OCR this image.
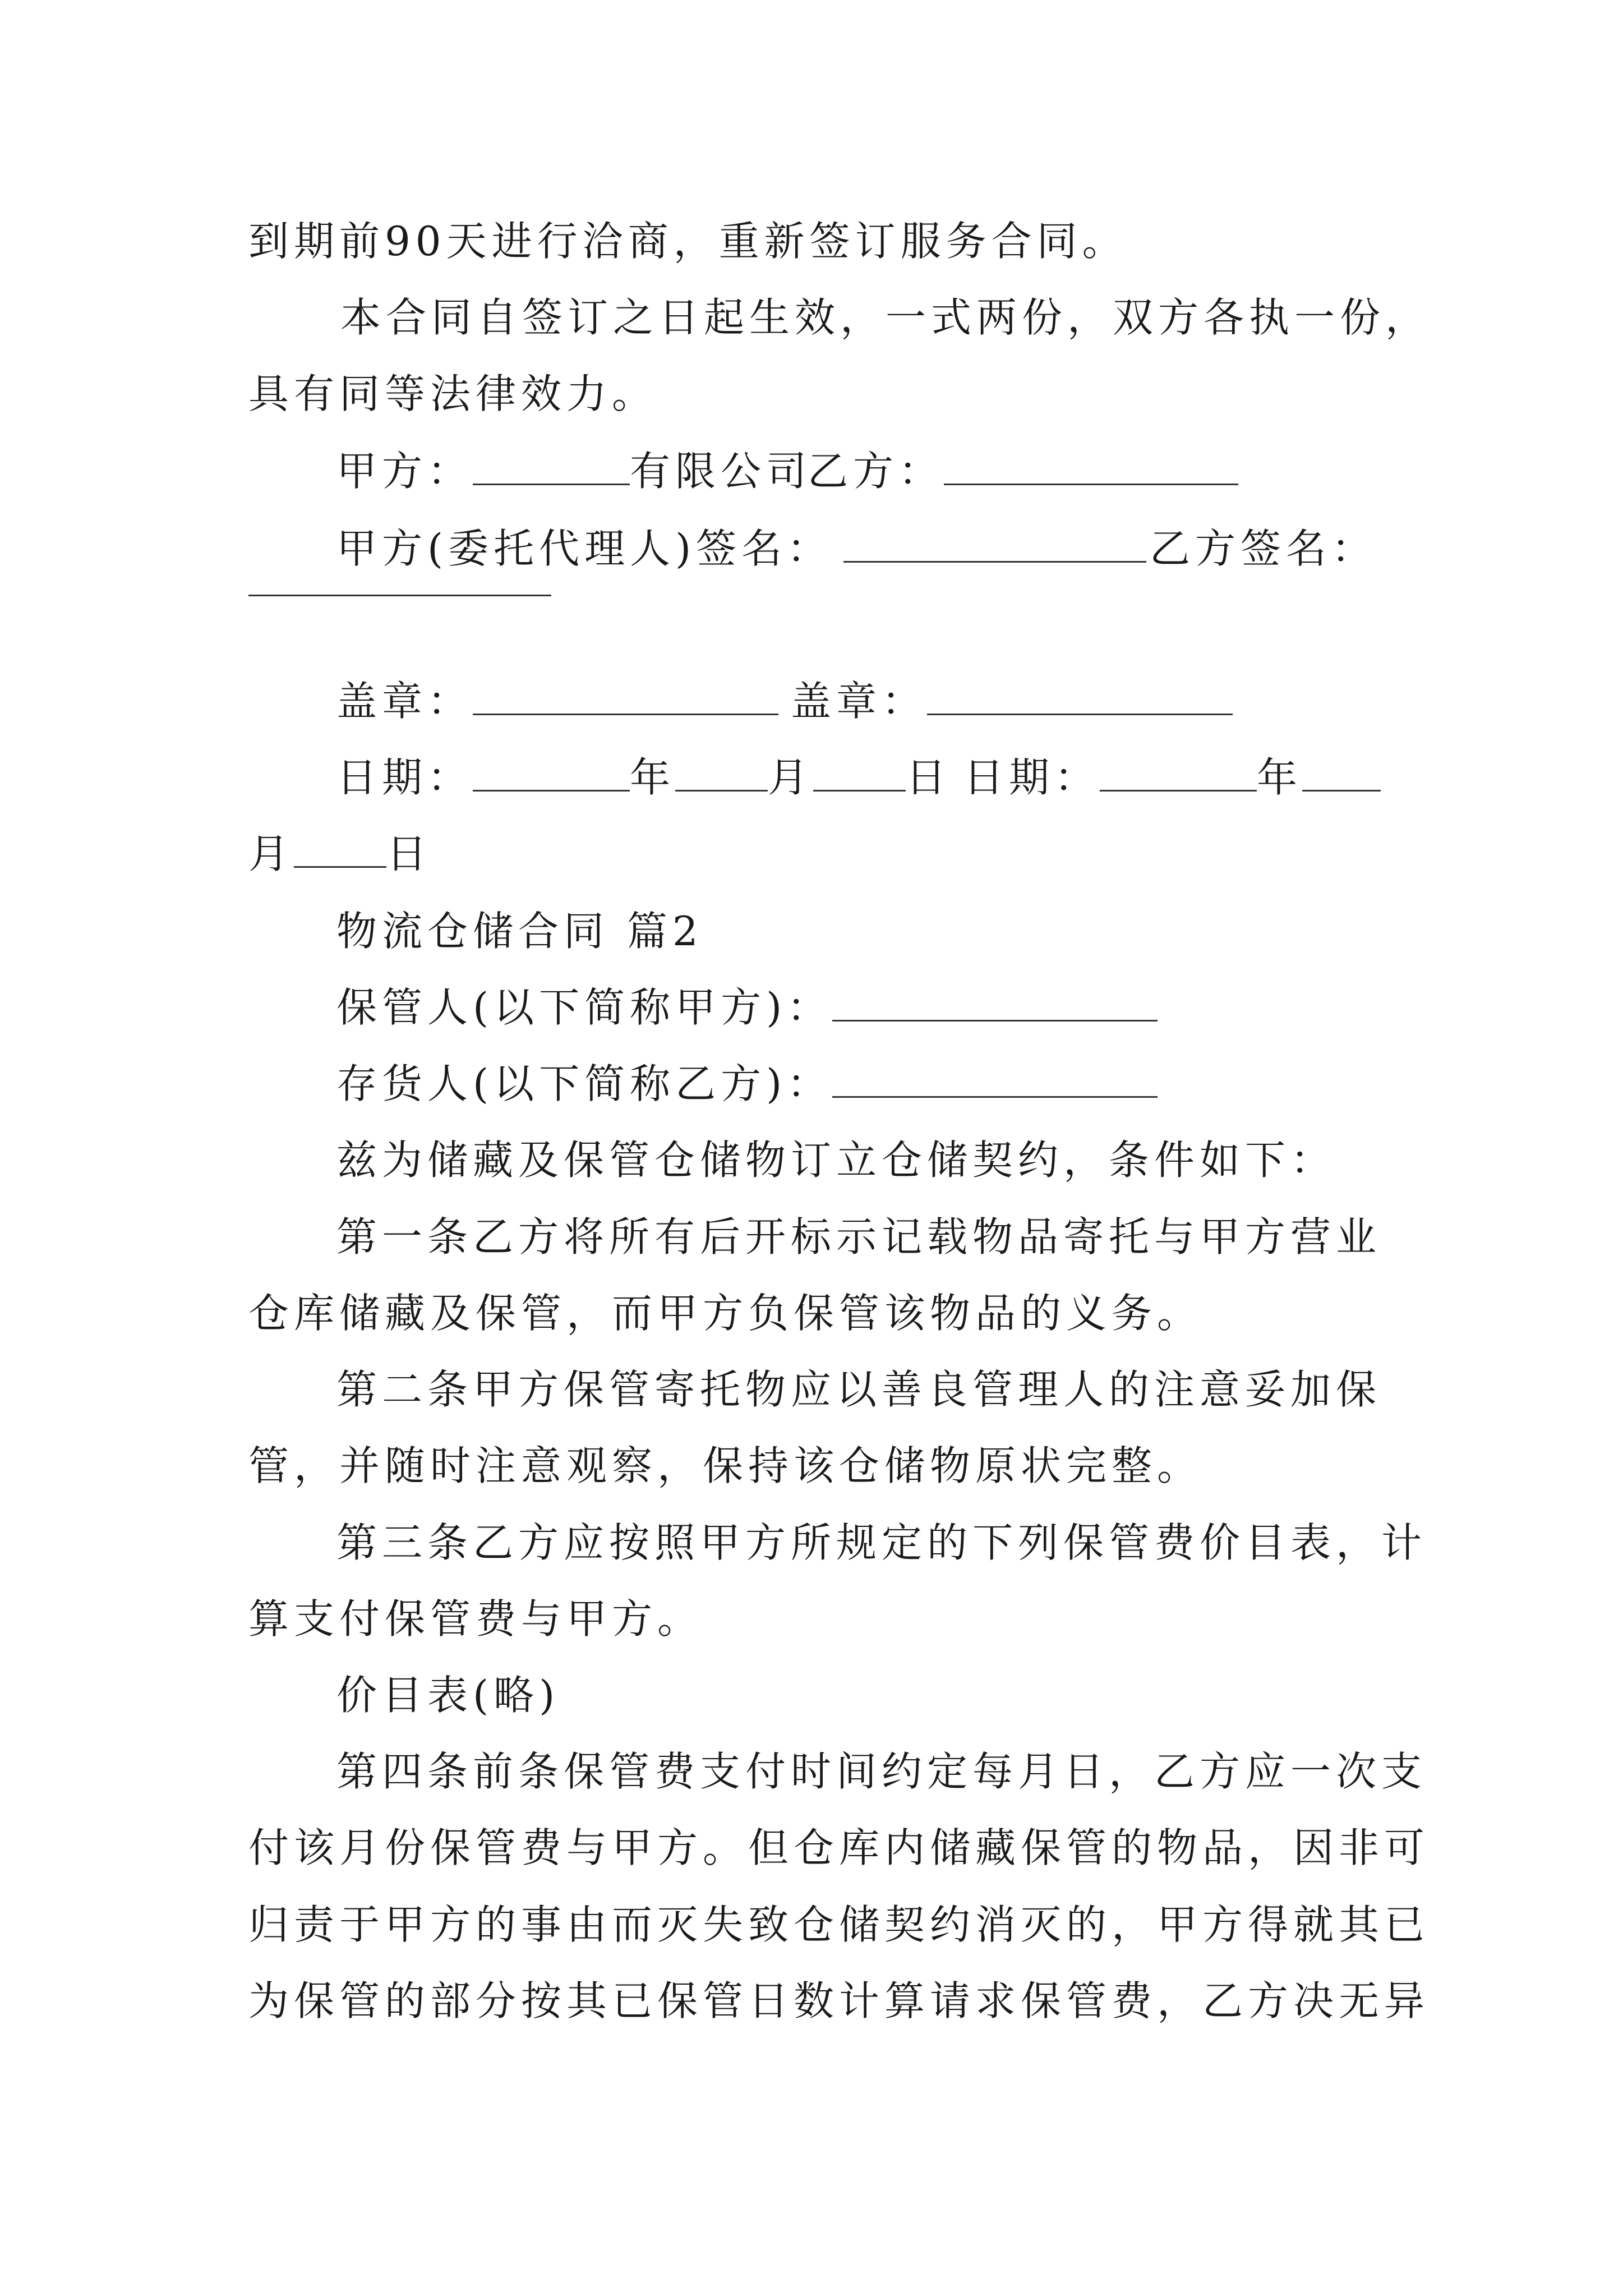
到期前90天进行洽商，重新签订服务合同。
本合同自签订之日起生效，一式两份，双方各执一份，
具有同等法律效力。
甲方：	有限公司
乙方：
甲方(委托代理人)签名：	乙方签名：
盖章：	盖章：
日期：	年 月 日 日期：	年
月 日
物流仓储合同 篇2
保管人(以下简称甲方)：
存货人(以下简称乙方)：
兹为储藏及保管仓储物订立仓储契约，条件如下：
第一条乙方将所有后开标示记载物品寄托与甲方营业
仓库储藏及保管，而甲方负保管该物品的义务。
第二条甲方保管寄托物应以善良管理人的注意妥加保
管，并随时注意观察，保持该仓储物原状完整。
第三条乙方应按照甲方所规定的下列保管费价目表，计
算支付保管费与甲方。
价目表(略)
第四条前条保管费支付时间约定每月日，乙方应一次支
付该月份保管费与甲方。但仓库内储藏保管的物品，因非可
归责于甲方的事由而灭失致仓储契约消灭的，甲方得就其已
为保管的部分按其已保管日数计算请求保管费，乙方决无异
